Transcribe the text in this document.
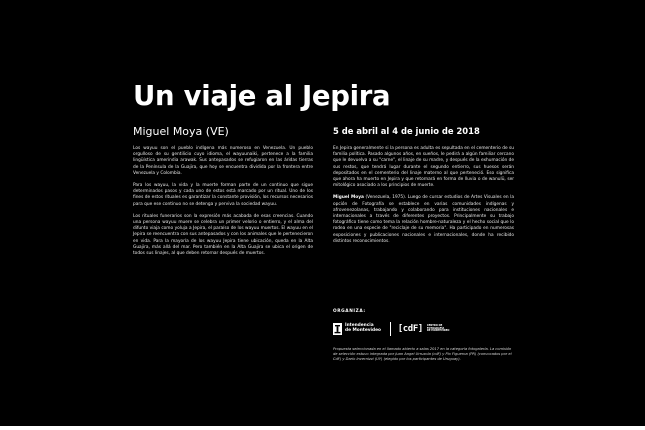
Un viaje al Jepira
Miguel Moya (VE)	5 de abril al 4 de junio de 2018

Los wayuu son el pueblo indígena más numeroso en Venezuela. Un pueblo orgulloso de su gentilicio cuyo idioma, el wayuunaiki, pertenece a la familia lingüística amerindia arawak. Sus antepasados se refugiaron en las áridas tierras de la Península de la Guajira, que hoy se encuentra dividida por la frontera entre Venezuela y Colombia.

Para los wayuu, la vida y la muerte forman parte de un continuo que sigue determinados pasos y cada uno de estos está marcado por un ritual. Uno de los fines de estos rituales es garantizar la constante provisión, los recursos necesarios para que ese continuo no se detenga y perviva la sociedad wayuu.

Los rituales funerarios son la expresión más acabada de esas creencias. Cuando una persona wayuu muere se celebra un primer velorio o entierro, y el alma del difunto viaja como yoluja a Jepira, el paraíso de los wayuu muertos. El wayuu en el Jepira se reencuentra con sus antepasados y con los animales que le pertenecieron en vida. Para la mayoría de los wayuu Jepira tiene ubicación, queda en la Alta Guajira, más allá del mar. Pero también en la Alta Guajira se ubica el origen de todos sus linajes, al que deben retornar después de muertos.

En Jepira generalmente si la persona es adulta es sepultada en el cementerio de su familia política. Pasado algunos años, en sueños, le pedirá a algún familiar cercano que le devuelva a su "carne", el linaje de su madre, y después de la exhumación de sus restos, que tendrá lugar durante el segundo entierro, sus huesos serán depositados en el cementerio del linaje materno al que perteneció. Eso significa que ahora ha muerto en Jepira y que retornará en forma de lluvia o de wanulü, ser mitológico asociado a los principios de muerte.

Miguel Moya (Venezuela, 1975). Luego de cursar estudios de Artes Visuales en la opción de Fotografía se establece en varias comunidades indígenas y afrovenezolanas, trabajando y colaborando para instituciones nacionales e internacionales a través de diferentes proyectos. Principalmente su trabajo fotográfico tiene como tema la relación hombre-naturaleza y el hecho social que lo rodea en una especie de "reciclaje de su memoria". Ha participado en numerosas exposiciones y publicaciones nacionales e internacionales, donde ha recibido distintos reconocimientos.

ORGANIZA:
Intendencia
de Montevideo [cdF] CENTRO DE
FOTOGRAFÍA
DE MONTEVIDEO

Propuesta seleccionada en el llamado abierto a salas 2017 en la categoría fotogalería. La comisión de selección estuvo integrada por Juan Angel Urruzola (cdF) y Pio Figueroa (PR) (convocados por el CdF) y Darío Invernizzi (UY) (elegido por los participantes de Uruguay).
